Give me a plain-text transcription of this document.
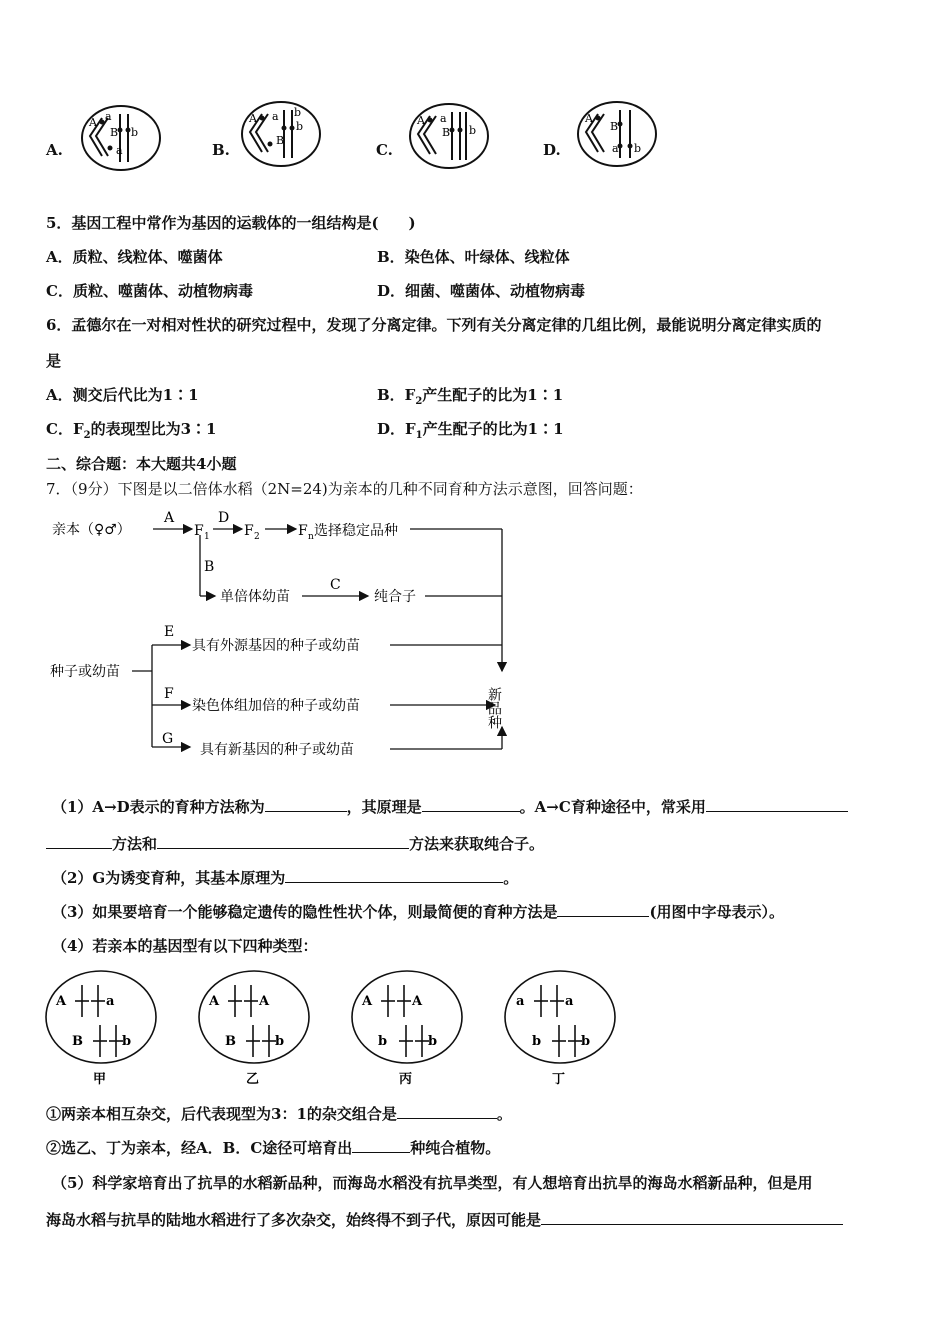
A.
A a
B b
a	B.
A a
b
B
b
C.
A a
B b
D.
A
B
a b
5．基因工程中常作为基因的运载体的一组结构是(　　)
A．质粒、线粒体、噬菌体	B．染色体、叶绿体、线粒体
C．质粒、噬菌体、动植物病毒	D．细菌、噬菌体、动植物病毒
6．孟德尔在一对相对性状的研究过程中，发现了分离定律。下列有关分离定律的几组比例，最能说明分离定律实质的
是
A．测交后代比为1∶1	B．$F_2$产生配子的比为1∶1
C．$F_2$的表现型比为3∶1	D．$F_1$产生配子的比为1∶1
二、综合题：本大题共4小题
7．（9分）下图是以二倍体水稻（2N=24)为亲本的几种不同育种方法示意图，回答问题：
亲本（♀♂）
A
F 1
D
F 2	F n 选择稳定品种
B
单倍体幼苗
C
纯合子
种子或幼苗
E
具有外源基因的种子或幼苗
F
染色体组加倍的种子或幼苗
G
具有新基因的种子或幼苗
新品种
（1）A→D表示的育种方法称为	，其原理是	。A→C育种途径中，常采用
方法和	方法来获取纯合子。
（2）G为诱变育种，其基本原理为	。
（3）如果要培育一个能够稳定遗传的隐性性状个体，则最简便的育种方法是	(用图中字母表示）。
（4）若亲本的基因型有以下四种类型：
A	a
B	b
A	A
B	b
A	A
b	b
a	a
b	b
甲	乙	丙	丁
①两亲本相互杂交，后代表现型为3：1的杂交组合是	。
②选乙、丁为亲本，经A．B．C途径可培育出	种纯合植物。
（5）科学家培育出了抗旱的水稻新品种，而海岛水稻没有抗旱类型，有人想培育出抗旱的海岛水稻新品种，但是用
海岛水稻与抗旱的陆地水稻进行了多次杂交，始终得不到子代，原因可能是
